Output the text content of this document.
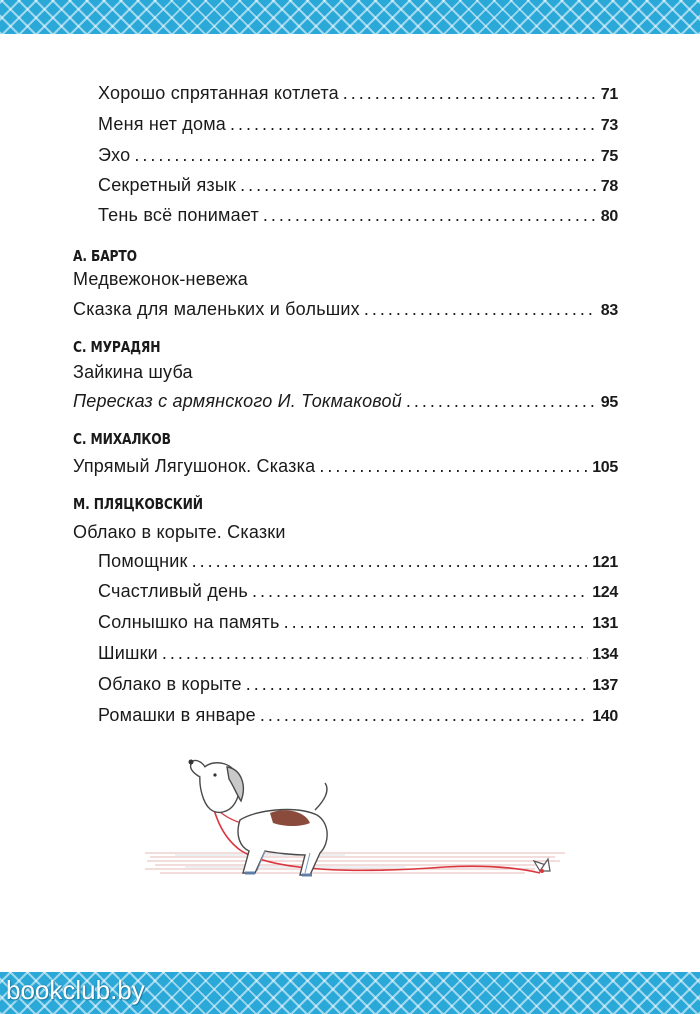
Хорошо спрятанная котлета .....	71
Меня нет дома .....	73
Эхо .....	75
Секретный язык .....	78
Тень всё понимает .....	80
А. БАРТО
Медвежонок-невежа
Сказка для маленьких и больших .....	83
С. МУРАДЯН
Зайкина шуба
Пересказ с армянского И. Токмаковой .....	95
С. МИХАЛКОВ
Упрямый Лягушонок. Сказка .....	105
М. ПЛЯЦКОВСКИЙ
Облако в корыте. Сказки
Помощник .....	121
Счастливый день .....	124
Солнышко на память .....	131
Шишки .....	134
Облако в корыте .....	137
Ромашки в январе .....	140
bookclub.by
